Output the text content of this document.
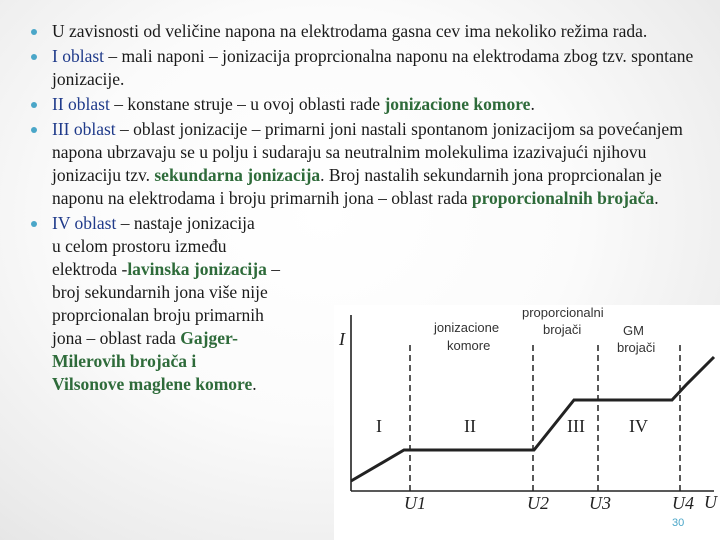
U zavisnosti od veličine napona na elektrodama gasna cev ima nekoliko režima rada.
I oblast – mali naponi – jonizacija proprcionalna naponu na elektrodama zbog tzv. spontane jonizacije.
II oblast – konstane struje – u ovoj oblasti rade jonizacione komore.
III oblast – oblast jonizacije – primarni joni nastali spontanom jonizacijom sa povećanjem napona ubrzavaju se u polju i sudaraju sa neutralnim molekulima izazivajući njihovu jonizaciju tzv. sekundarna jonizacija. Broj nastalih sekundarnih jona proprcionalan je naponu na elektrodama i broju primarnih jona – oblast rada proporcionalnih brojača.
IV oblast – nastaje jonizacija
u celom prostoru između
elektroda -lavinska jonizacija –
broj sekundarnih jona više nije
proprcionalan broju primarnih
jona – oblast rada Gajger-
Milerovih brojača i
Vilsonove maglene komore.
I
U
jonizacione
komore
proporcionalni
brojači	GM
brojači
I	II	III IV
U1	U2 U3	U4
30
